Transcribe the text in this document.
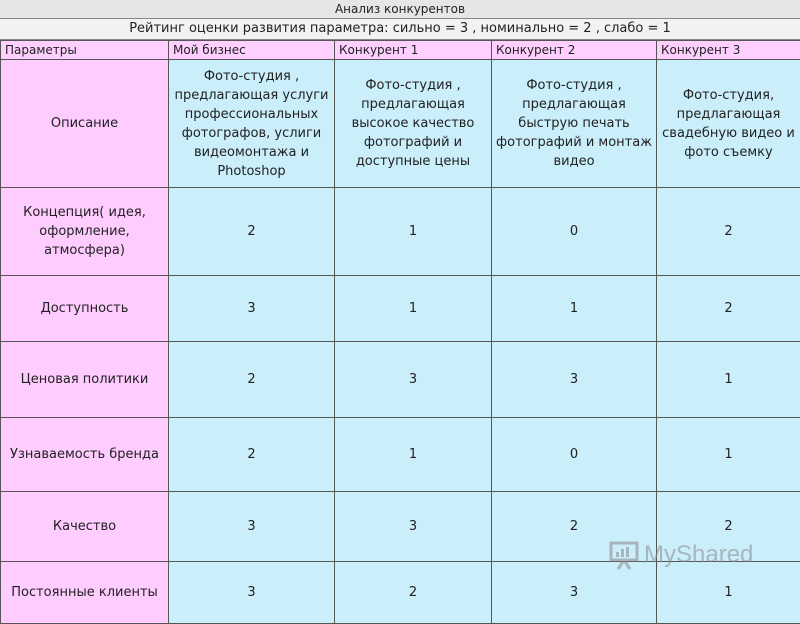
Анализ конкурентов
Рейтинг оценки развития параметра: сильно = 3 , номинально = 2 , слабо = 1
Параметры	Мой бизнес	Конкурент 1	Конкурент 2	Конкурент 3
Описание	Фото-студия , предлагающая услуги профессиональных фотографов, услиги видеомонтажа и Photoshop	Фото-студия , предлагающая высокое качество фотографий и доступные цены	Фото-студия , предлагающая быструю печать фотографий и монтаж видео	Фото-студия, предлагающая свадебную видео и фото съемку
Концепция( идея, оформление, атмосфера)	2	1	0	2
Доступность	3	1	1	2
Ценовая политики	2	3	3	1
Узнаваемость бренда	2	1	0	1
Качество	3	3	2	2
Постоянные клиенты	3	2	3	1
MyShared
